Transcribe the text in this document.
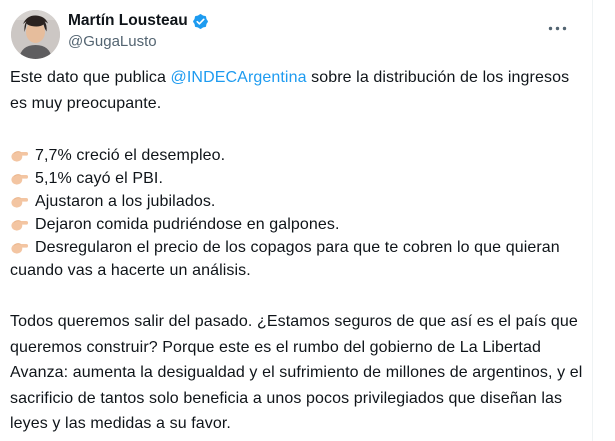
Martín Lousteau
@GugaLusto

Este dato que publica @INDECArgentina sobre la distribución de los ingresos es muy preocupante.

7,7% creció el desempleo.
5,1% cayó el PBI.
Ajustaron a los jubilados.
Dejaron comida pudriéndose en galpones.
Desregularon el precio de los copagos para que te cobren lo que quieran cuando vas a hacerte un análisis.

Todos queremos salir del pasado. ¿Estamos seguros de que así es el país que queremos construir? Porque este es el rumbo del gobierno de La Libertad Avanza: aumenta la desigualdad y el sufrimiento de millones de argentinos, y el sacrificio de tantos solo beneficia a unos pocos privilegiados que diseñan las leyes y las medidas a su favor.
